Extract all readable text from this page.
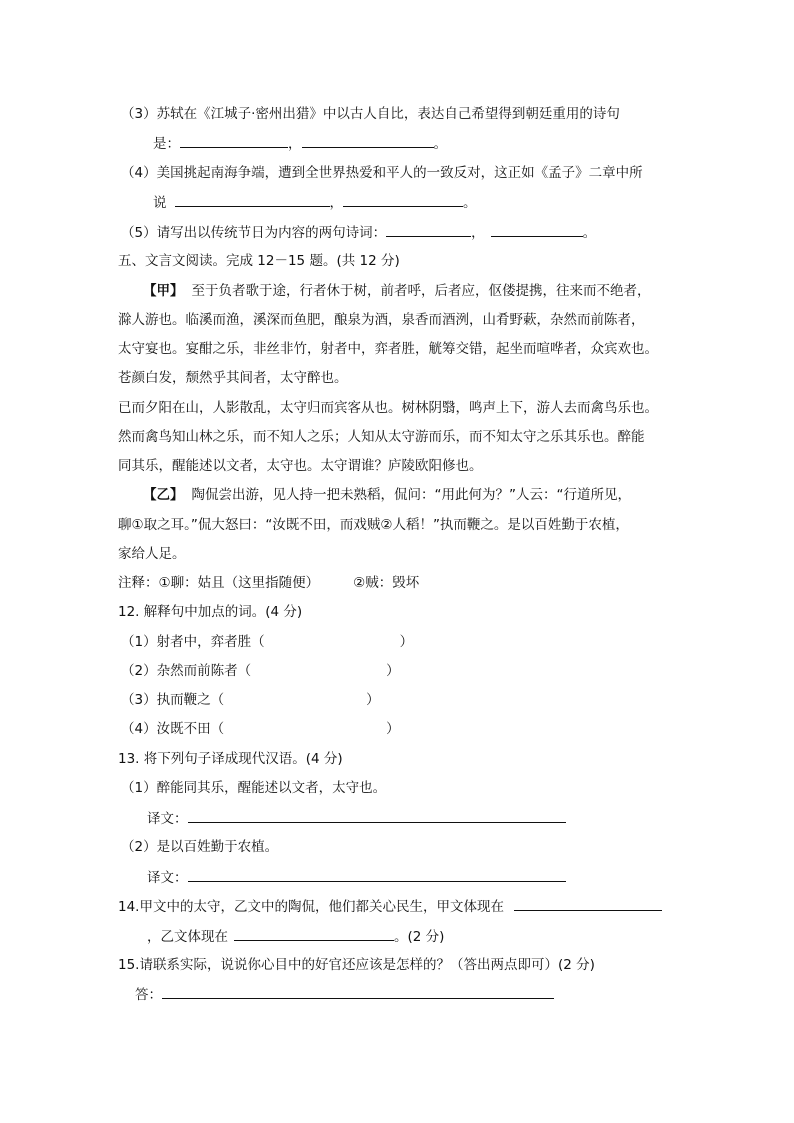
（3）苏轼在《江城子·密州出猎》中以古人自比，表达自己希望得到朝廷重用的诗句
是：	，	。
（4）美国挑起南海争端，遭到全世界热爱和平人的一致反对，这正如《孟子》二章中所
说	，	。
（5）请写出以传统节日为内容的两句诗词：	，	。
五、文言文阅读。完成 12－15 题。(共 12 分)
【甲】 至于负者歌于途，行者休于树，前者呼，后者应，伛偻提携，往来而不绝者，
滁人游也。临溪而渔，溪深而鱼肥，酿泉为酒，泉香而酒洌，山肴野蔌，杂然而前陈者，
太守宴也。宴酣之乐，非丝非竹，射者中，弈者胜，觥筹交错，起坐而喧哗者，众宾欢也。
苍颜白发，颓然乎其间者，太守醉也。
已而夕阳在山，人影散乱，太守归而宾客从也。树林阴翳，鸣声上下，游人去而禽鸟乐也。
然而禽鸟知山林之乐，而不知人之乐；人知从太守游而乐，而不知太守之乐其乐也。醉能
同其乐，醒能述以文者，太守也。太守谓谁？庐陵欧阳修也。
【乙】 陶侃尝出游，见人持一把未熟稻，侃问：“用此何为？”人云：“行道所见，
聊①取之耳。”侃大怒曰：“汝既不田，而戏贼②人稻！”执而鞭之。是以百姓勤于农植，
家给人足。
注释：①聊：姑且（这里指随便）	②贼：毁坏
12. 解释句中加点的词。(4 分)
（1）射者中，弈者胜（	）
（2）杂然而前陈者（	）
（3）执而鞭之（	）
（4）汝既不田（	）
13. 将下列句子译成现代汉语。(4 分)
（1）醉能同其乐，醒能述以文者，太守也。
译文：
（2）是以百姓勤于农植。
译文：
14.甲文中的太守，乙文中的陶侃，他们都关心民生，甲文体现在
，乙文体现在	。(2 分)
15.请联系实际，说说你心目中的好官还应该是怎样的？（答出两点即可）(2 分)
答：
